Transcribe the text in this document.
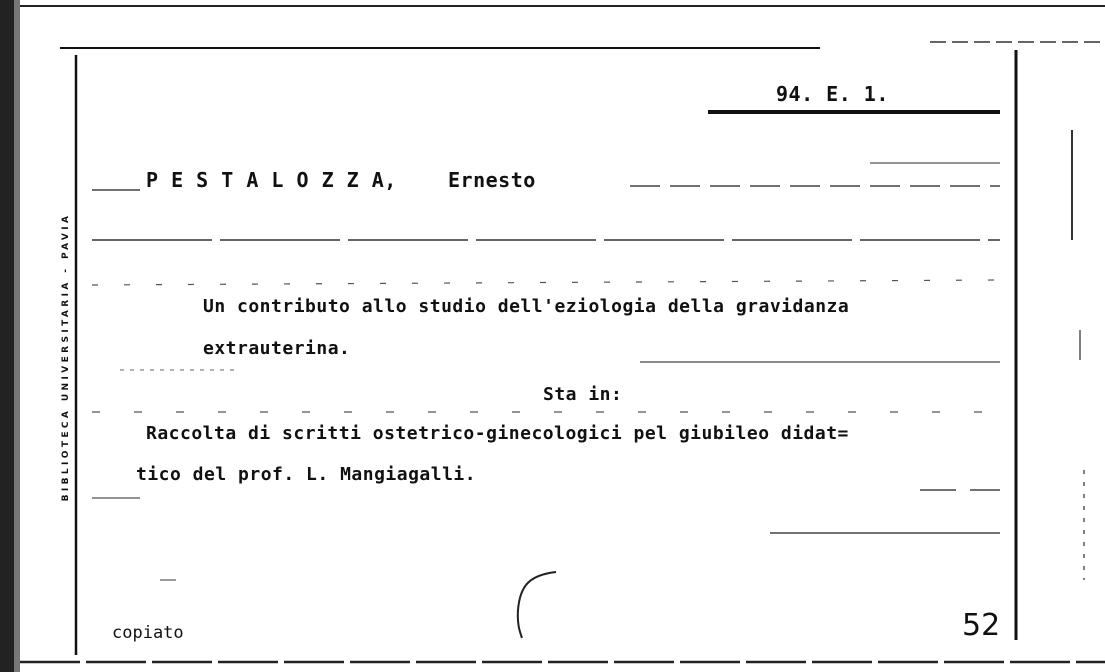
BIBLIOTECA UNIVERSITARIA - PAVIA
94. E. 1.
P E S T A L O Z Z A,	Ernesto
Un contributo allo studio dell'eziologia della gravidanza
extrauterina.
Sta in:
Raccolta di scritti ostetrico-ginecologici pel giubileo didat=
tico del prof. L. Mangiagalli.
copiato	52
